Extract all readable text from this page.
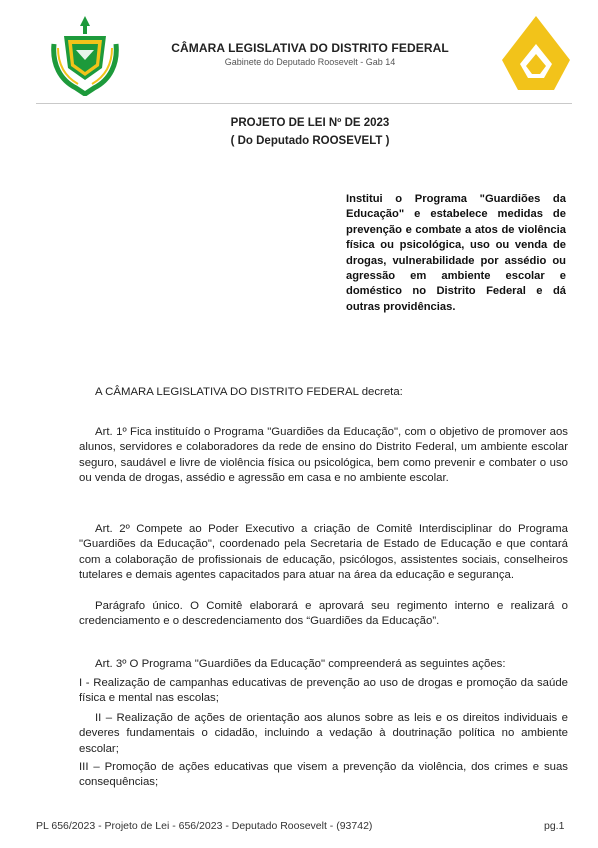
CÂMARA LEGISLATIVA DO DISTRITO FEDERAL
Gabinete do Deputado Roosevelt - Gab 14
PROJETO DE LEI Nº DE 2023
( Do Deputado ROOSEVELT )
Institui o Programa "Guardiões da Educação" e estabelece medidas de prevenção e combate a atos de violência física ou psicológica, uso ou venda de drogas, vulnerabilidade por assédio ou agressão em ambiente escolar e doméstico no Distrito Federal e dá outras providências.
A CÂMARA LEGISLATIVA DO DISTRITO FEDERAL decreta:

Art. 1º Fica instituído o Programa "Guardiões da Educação", com o objetivo de promover aos alunos, servidores e colaboradores da rede de ensino do Distrito Federal, um ambiente escolar seguro, saudável e livre de violência física ou psicológica, bem como prevenir e combater o uso ou venda de drogas, assédio e agressão em casa e no ambiente escolar.

Art. 2º Compete ao Poder Executivo a criação de Comitê Interdisciplinar do Programa "Guardiões da Educação", coordenado pela Secretaria de Estado de Educação e que contará com a colaboração de profissionais de educação, psicólogos, assistentes sociais, conselheiros tutelares e demais agentes capacitados para atuar na área da educação e segurança.

Parágrafo único. O Comitê elaborará e aprovará seu regimento interno e realizará o credenciamento e o descredenciamento dos “Guardiões da Educação”.

Art. 3º O Programa "Guardiões da Educação" compreenderá as seguintes ações:

I - Realização de campanhas educativas de prevenção ao uso de drogas e promoção da saúde física e mental nas escolas;

II – Realização de ações de orientação aos alunos sobre as leis e os direitos individuais e deveres fundamentais o cidadão, incluindo a vedação à doutrinação política no ambiente escolar;

III – Promoção de ações educativas que visem a prevenção da violência, dos crimes e suas consequências;

PL 656/2023 - Projeto de Lei - 656/2023 - Deputado Roosevelt - (93742)	pg.1
